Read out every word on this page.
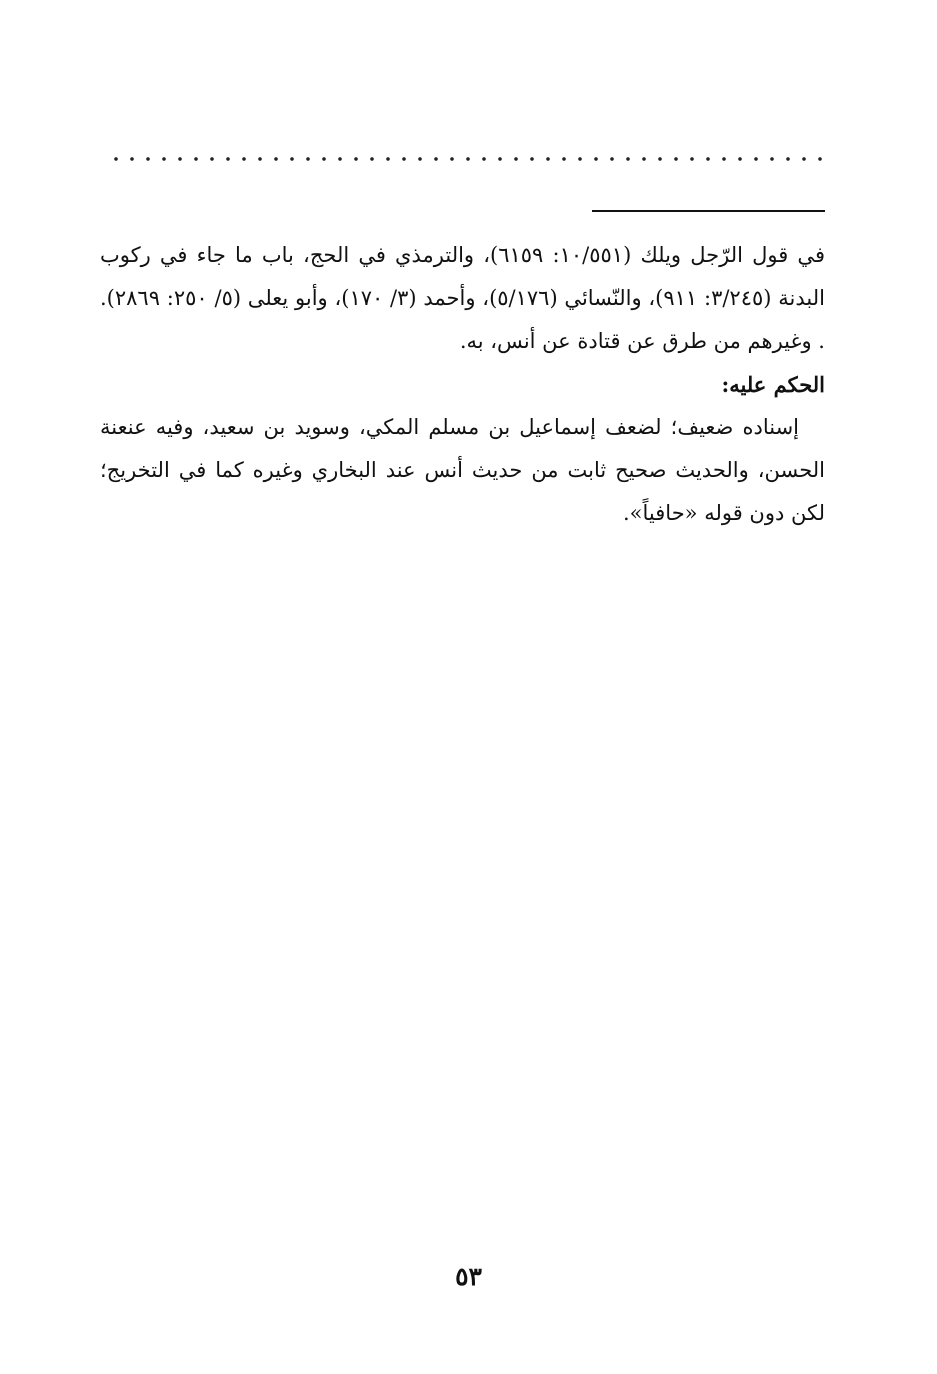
في قول الرّجل ويلك (١٠/٥٥١: ٦١٥٩)، والترمذي في الحج، باب ما جاء في ركوب البدنة (٣/٢٤٥: ٩١١)، والنّسائي (٥/١٧٦)، وأحمد (٣/ ١٧٠)، وأبو يعلى (٥/ ٢٥٠: ٢٨٦٩). . وغيرهم من طرق عن قتادة عن أنس، به.

الحكم عليه:

إسناده ضعيف؛ لضعف إسماعيل بن مسلم المكي، وسويد بن سعيد، وفيه عنعنة الحسن، والحديث صحيح ثابت من حديث أنس عند البخاري وغيره كما في التخريج؛ لكن دون قوله «حافياً».

٥٣
